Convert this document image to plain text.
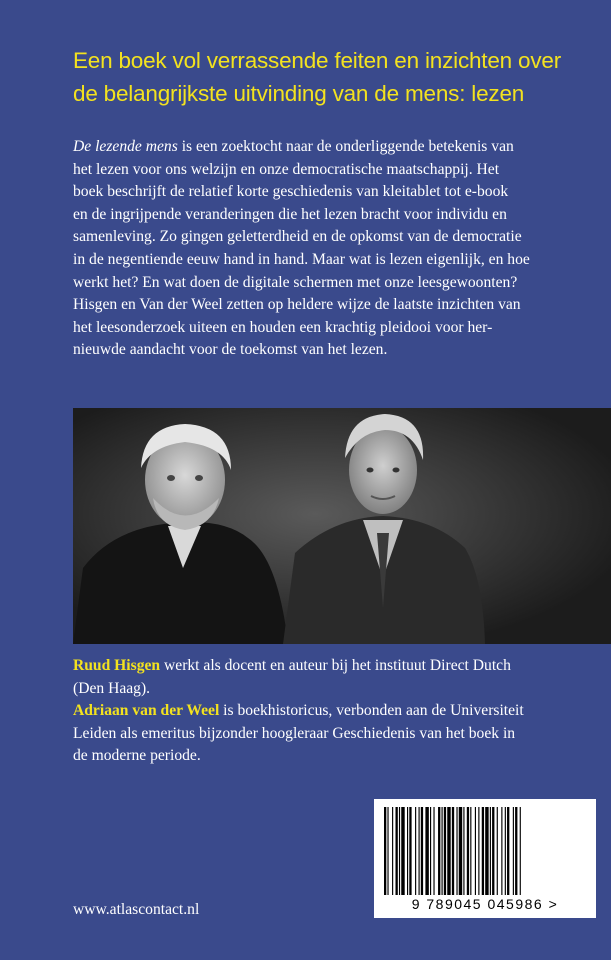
Een boek vol verrassende feiten en inzichten over
de belangrijkste uitvinding van de mens: lezen
De lezende mens is een zoektocht naar de onderliggende betekenis van
het lezen voor ons welzijn en onze democratische maatschappij. Het
boek beschrijft de relatief korte geschiedenis van kleitablet tot e-book
en de ingrijpende veranderingen die het lezen bracht voor individu en
samenleving. Zo gingen geletterdheid en de opkomst van de democratie
in de negentiende eeuw hand in hand. Maar wat is lezen eigenlijk, en hoe
werkt het? En wat doen de digitale schermen met onze leesgewoonten?
Hisgen en Van der Weel zetten op heldere wijze de laatste inzichten van
het leesonderzoek uiteen en houden een krachtig pleidooi voor her-
nieuwde aandacht voor de toekomst van het lezen.
Ruud Hisgen werkt als docent en auteur bij het instituut Direct Dutch
(Den Haag).
Adriaan van der Weel is boekhistoricus, verbonden aan de Universiteit
Leiden als emeritus bijzonder hoogleraar Geschiedenis van het boek in
de moderne periode.
9 789045 045986 >
www.atlascontact.nl
